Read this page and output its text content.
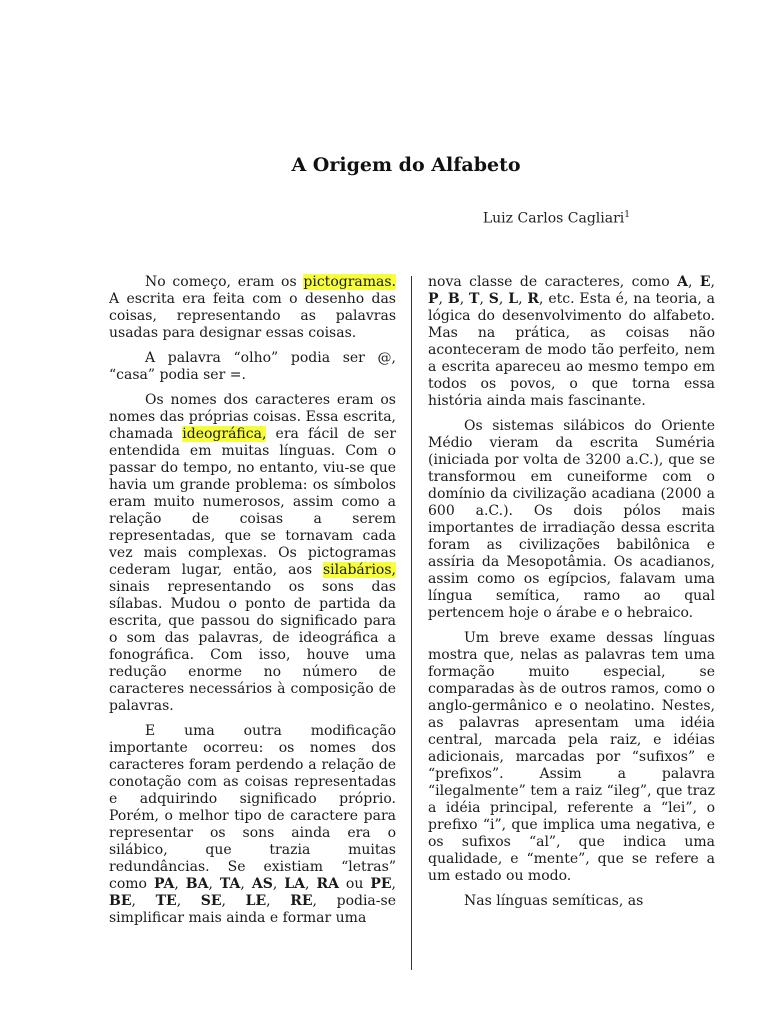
A Origem do Alfabeto
Luiz Carlos Cagliari$^1$

No começo, eram os pictogramas. A escrita era feita com o desenho das coisas, representando as palavras usadas para designar essas coisas.

A palavra “olho” podia ser @, “casa” podia ser =.

Os nomes dos caracteres eram os nomes das próprias coisas. Essa escrita, chamada ideográfica, era fácil de ser entendida em muitas línguas. Com o passar do tempo, no entanto, viu-se que havia um grande problema: os símbolos eram muito numerosos, assim como a relação de coisas a serem representadas, que se tornavam cada vez mais complexas. Os pictogramas cederam lugar, então, aos silabários, sinais representando os sons das sílabas. Mudou o ponto de partida da escrita, que passou do significado para o som das palavras, de ideográfica a fonográfica. Com isso, houve uma redução enorme no número de caracteres necessários à composição de palavras.

E uma outra modificação importante ocorreu: os nomes dos caracteres foram perdendo a relação de conotação com as coisas representadas e adquirindo significado próprio. Porém, o melhor tipo de caractere para representar os sons ainda era o silábico, que trazia muitas redundâncias. Se existiam “letras” como PA, BA, TA, AS, LA, RA ou PE, BE, TE, SE, LE, RE, podia-se simplificar mais ainda e formar uma

nova classe de caracteres, como A, E, P, B, T, S, L, R, etc. Esta é, na teoria, a lógica do desenvolvimento do alfabeto. Mas na prática, as coisas não aconteceram de modo tão perfeito, nem a escrita apareceu ao mesmo tempo em todos os povos, o que torna essa história ainda mais fascinante.

Os sistemas silábicos do Oriente Médio vieram da escrita Suméria (iniciada por volta de 3200 a.C.), que se transformou em cuneiforme com o domínio da civilização acadiana (2000 a 600 a.C.). Os dois pólos mais importantes de irradiação dessa escrita foram as civilizações babilônica e assíria da Mesopotâmia. Os acadianos, assim como os egípcios, falavam uma língua semítica, ramo ao qual pertencem hoje o árabe e o hebraico.

Um breve exame dessas línguas mostra que, nelas as palavras tem uma formação muito especial, se comparadas às de outros ramos, como o anglo-germânico e o neolatino. Nestes, as palavras apresentam uma idéia central, marcada pela raiz, e idéias adicionais, marcadas por “sufixos” e “prefixos”. Assim a palavra “ilegalmente” tem a raiz “ileg”, que traz a idéia principal, referente a “lei”, o prefixo “i”, que implica uma negativa, e os sufixos “al”, que indica uma qualidade, e “mente”, que se refere a um estado ou modo.

Nas línguas semíticas, as
